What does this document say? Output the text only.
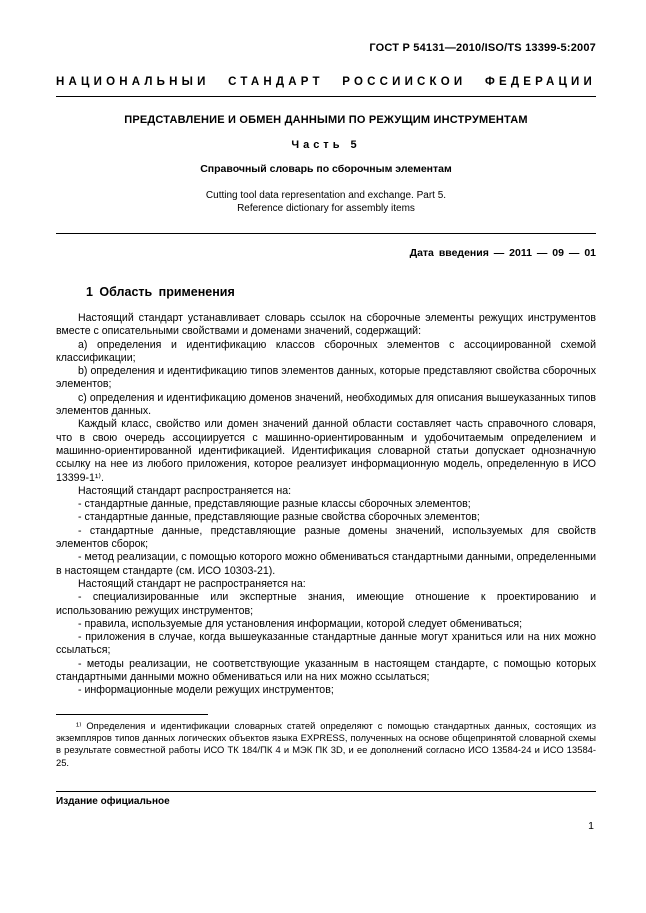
ГОСТ Р 54131—2010/ISO/TS 13399-5:2007
НАЦИОНАЛЬНЫЙ СТАНДАРТ РОССИЙСКОЙ ФЕДЕРАЦИИ
ПРЕДСТАВЛЕНИЕ И ОБМЕН ДАННЫМИ ПО РЕЖУЩИМ ИНСТРУМЕНТАМ
Часть 5
Справочный словарь по сборочным элементам
Cutting tool data representation and exchange. Part 5.
Reference dictionary for assembly items
Дата введения — 2011 — 09 — 01
1 Область применения

Настоящий стандарт устанавливает словарь ссылок на сборочные элементы режущих инструментов вместе с описательными свойствами и доменами значений, содержащий:

a) определения и идентификацию классов сборочных элементов с ассоциированной схемой классификации;

b) определения и идентификацию типов элементов данных, которые представляют свойства сборочных элементов;

c) определения и идентификацию доменов значений, необходимых для описания вышеуказанных типов элементов данных.

Каждый класс, свойство или домен значений данной области составляет часть справочного словаря, что в свою очередь ассоциируется с машинно-ориентированным и удобочитаемым определением и машинно-ориентированной идентификацией. Идентификация словарной статьи допускает однозначную ссылку на нее из любого приложения, которое реализует информационную модель, определенную в ИСО 13399-1¹⁾.

Настоящий стандарт распространяется на:

- стандартные данные, представляющие разные классы сборочных элементов;

- стандартные данные, представляющие разные свойства сборочных элементов;

- стандартные данные, представляющие разные домены значений, используемых для свойств элементов сборок;

- метод реализации, с помощью которого можно обмениваться стандартными данными, определенными в настоящем стандарте (см. ИСО 10303-21).

Настоящий стандарт не распространяется на:

- специализированные или экспертные знания, имеющие отношение к проектированию и использованию режущих инструментов;

- правила, используемые для установления информации, которой следует обмениваться;

- приложения в случае, когда вышеуказанные стандартные данные могут храниться или на них можно ссылаться;

- методы реализации, не соответствующие указанным в настоящем стандарте, с помощью которых стандартными данными можно обмениваться или на них можно ссылаться;

- информационные модели режущих инструментов;

¹⁾ Определения и идентификации словарных статей определяют с помощью стандартных данных, состоящих из экземпляров типов данных логических объектов языка EXPRESS, полученных на основе общепринятой словарной схемы в результате совместной работы ИСО ТК 184/ПК 4 и МЭК ПК 3D, и ее дополнений согласно ИСО 13584-24 и ИСО 13584-25.

Издание официальное
1
